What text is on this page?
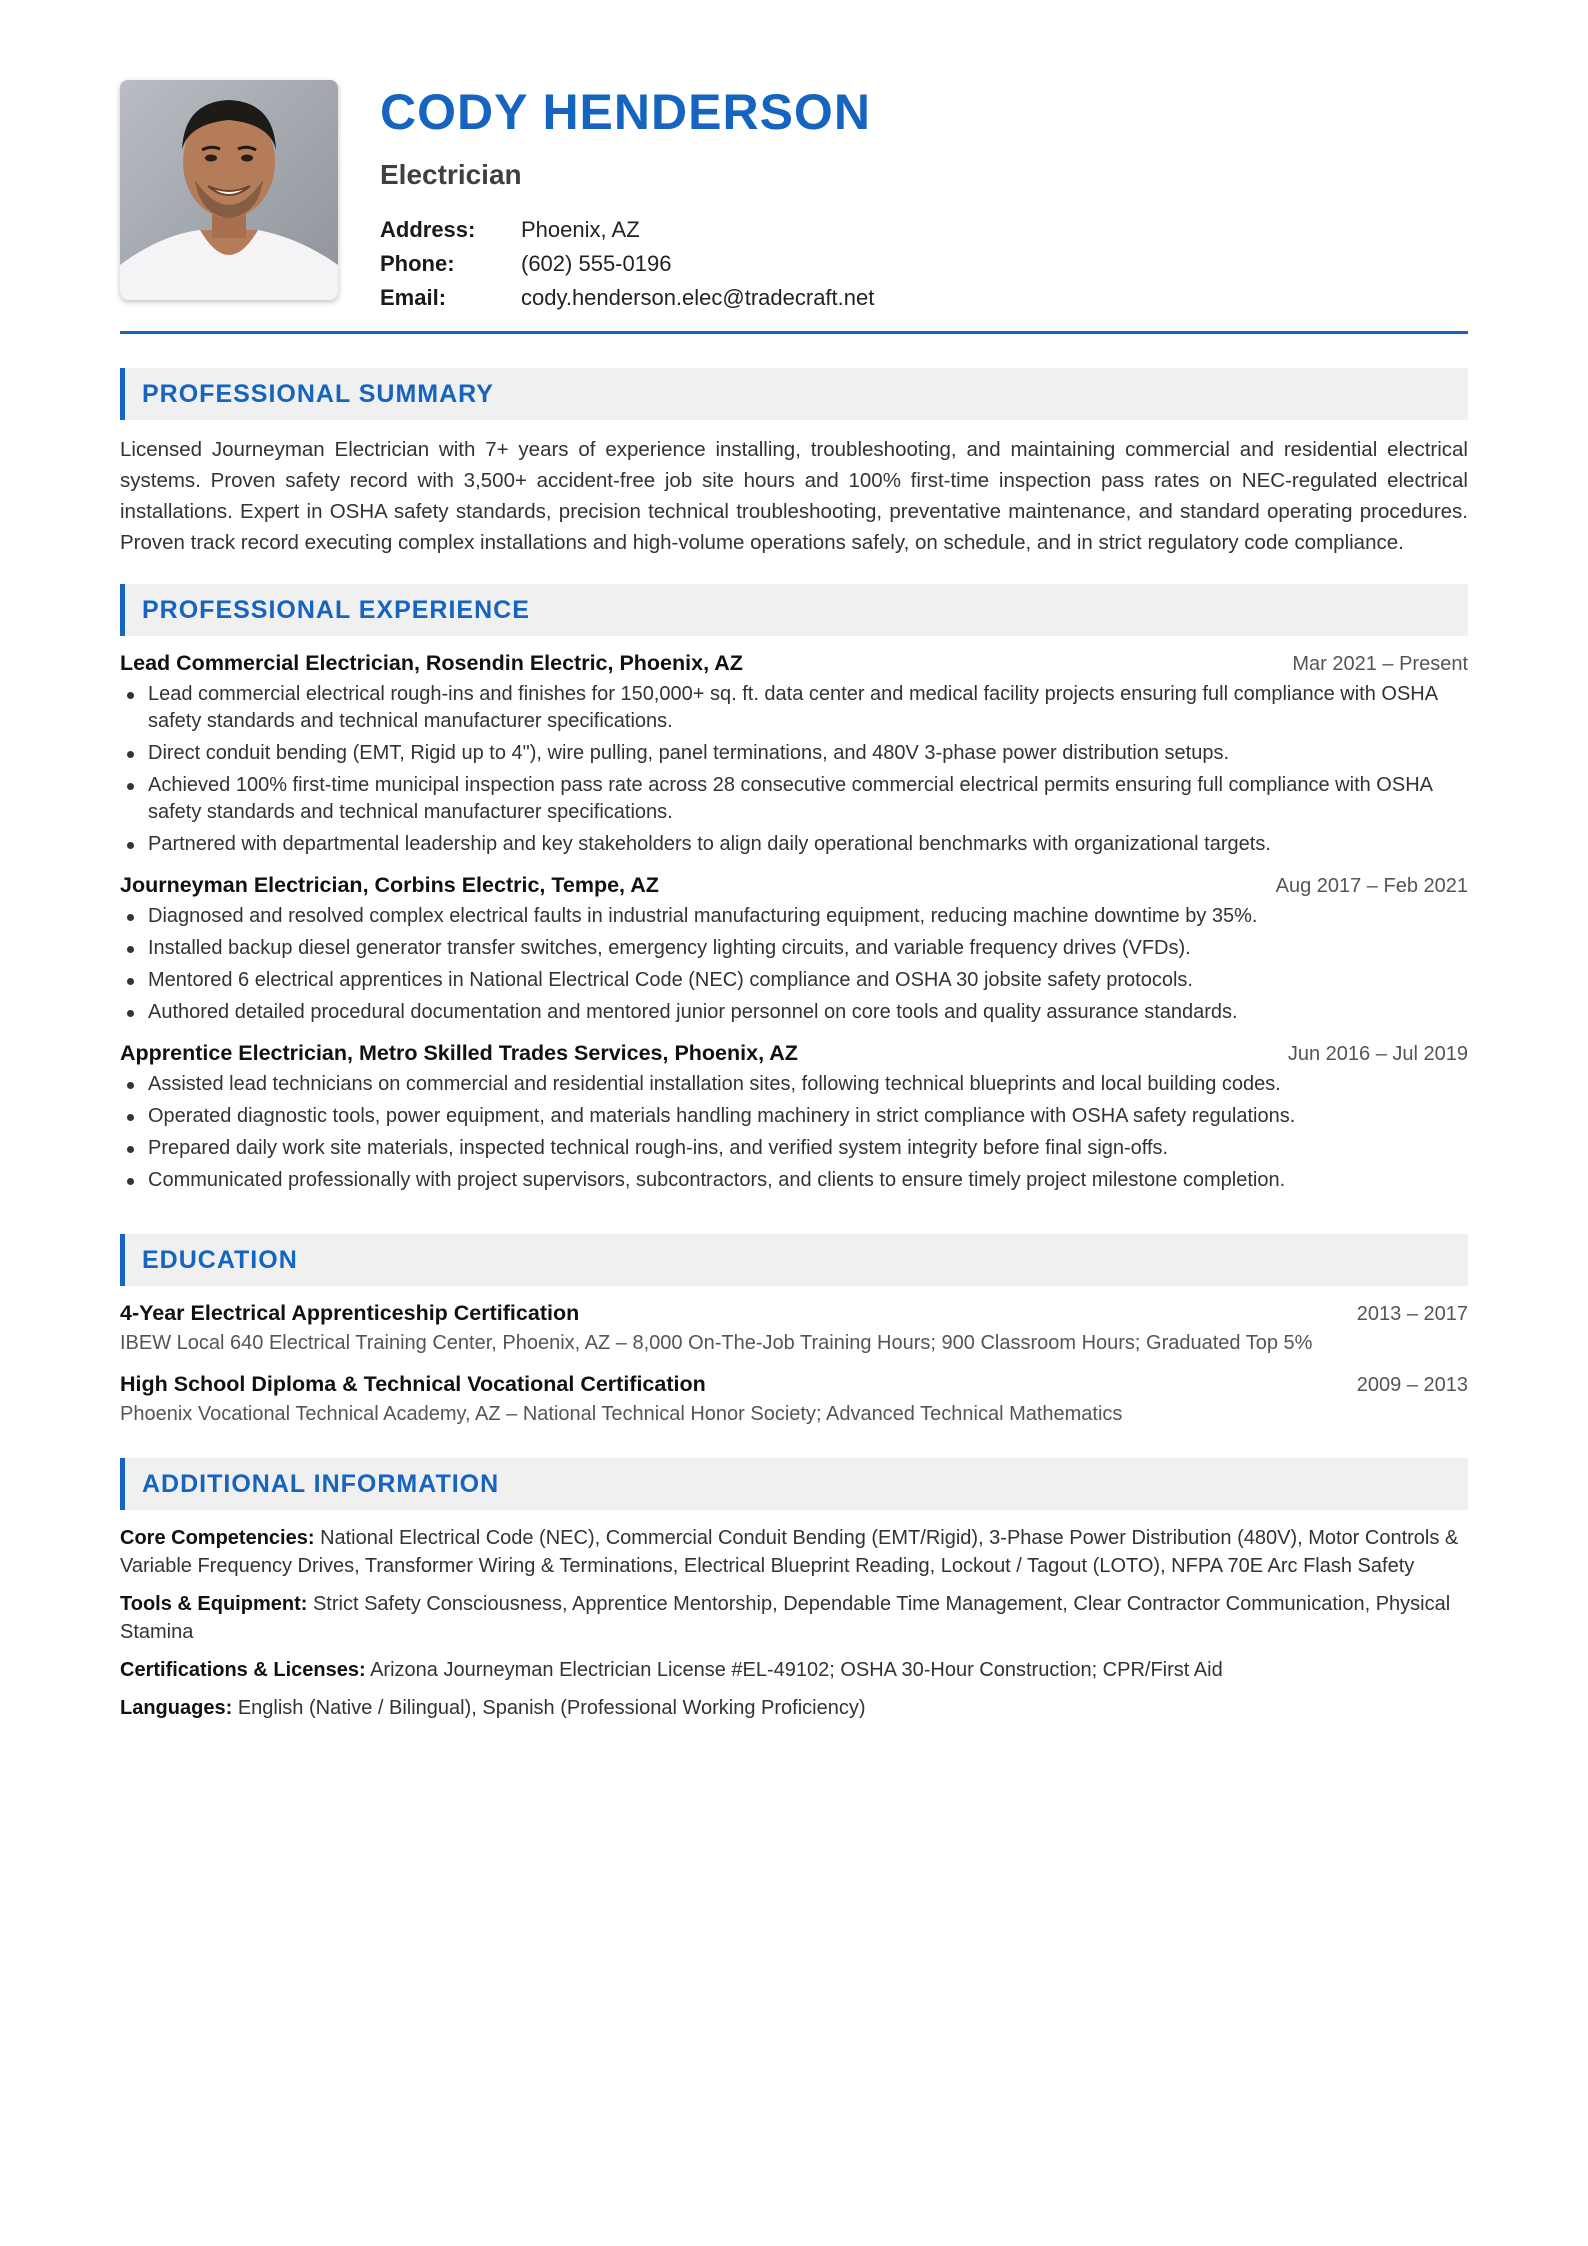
CODY HENDERSON
Electrician
Address:	Phoenix, AZ
Phone:	(602) 555-0196
Email:	cody.henderson.elec@tradecraft.net
PROFESSIONAL SUMMARY

Licensed Journeyman Electrician with 7+ years of experience installing, troubleshooting, and maintaining commercial and residential electrical systems. Proven safety record with 3,500+ accident-free job site hours and 100% first-time inspection pass rates on NEC-regulated electrical installations. Expert in OSHA safety standards, precision technical troubleshooting, preventative maintenance, and standard operating procedures. Proven track record executing complex installations and high-volume operations safely, on schedule, and in strict regulatory code compliance.

PROFESSIONAL EXPERIENCE
Lead Commercial Electrician, Rosendin Electric, Phoenix, AZ	Mar 2021 – Present
Lead commercial electrical rough-ins and finishes for 150,000+ sq. ft. data center and medical facility projects ensuring full compliance with OSHA safety standards and technical manufacturer specifications.
Direct conduit bending (EMT, Rigid up to 4"), wire pulling, panel terminations, and 480V 3-phase power distribution setups.
Achieved 100% first-time municipal inspection pass rate across 28 consecutive commercial electrical permits ensuring full compliance with OSHA safety standards and technical manufacturer specifications.
Partnered with departmental leadership and key stakeholders to align daily operational benchmarks with organizational targets.
Journeyman Electrician, Corbins Electric, Tempe, AZ	Aug 2017 – Feb 2021
Diagnosed and resolved complex electrical faults in industrial manufacturing equipment, reducing machine downtime by 35%.
Installed backup diesel generator transfer switches, emergency lighting circuits, and variable frequency drives (VFDs).
Mentored 6 electrical apprentices in National Electrical Code (NEC) compliance and OSHA 30 jobsite safety protocols.
Authored detailed procedural documentation and mentored junior personnel on core tools and quality assurance standards.
Apprentice Electrician, Metro Skilled Trades Services, Phoenix, AZ	Jun 2016 – Jul 2019
Assisted lead technicians on commercial and residential installation sites, following technical blueprints and local building codes.
Operated diagnostic tools, power equipment, and materials handling machinery in strict compliance with OSHA safety regulations.
Prepared daily work site materials, inspected technical rough-ins, and verified system integrity before final sign-offs.
Communicated professionally with project supervisors, subcontractors, and clients to ensure timely project milestone completion.
EDUCATION
4-Year Electrical Apprenticeship Certification	2013 – 2017
IBEW Local 640 Electrical Training Center, Phoenix, AZ – 8,000 On-The-Job Training Hours; 900 Classroom Hours; Graduated Top 5%
High School Diploma & Technical Vocational Certification	2009 – 2013
Phoenix Vocational Technical Academy, AZ – National Technical Honor Society; Advanced Technical Mathematics
ADDITIONAL INFORMATION
Core Competencies: National Electrical Code (NEC), Commercial Conduit Bending (EMT/Rigid), 3-Phase Power Distribution (480V), Motor Controls & Variable Frequency Drives, Transformer Wiring & Terminations, Electrical Blueprint Reading, Lockout / Tagout (LOTO), NFPA 70E Arc Flash Safety
Tools & Equipment: Strict Safety Consciousness, Apprentice Mentorship, Dependable Time Management, Clear Contractor Communication, Physical Stamina
Certifications & Licenses: Arizona Journeyman Electrician License #EL-49102; OSHA 30-Hour Construction; CPR/First Aid
Languages: English (Native / Bilingual), Spanish (Professional Working Proficiency)
